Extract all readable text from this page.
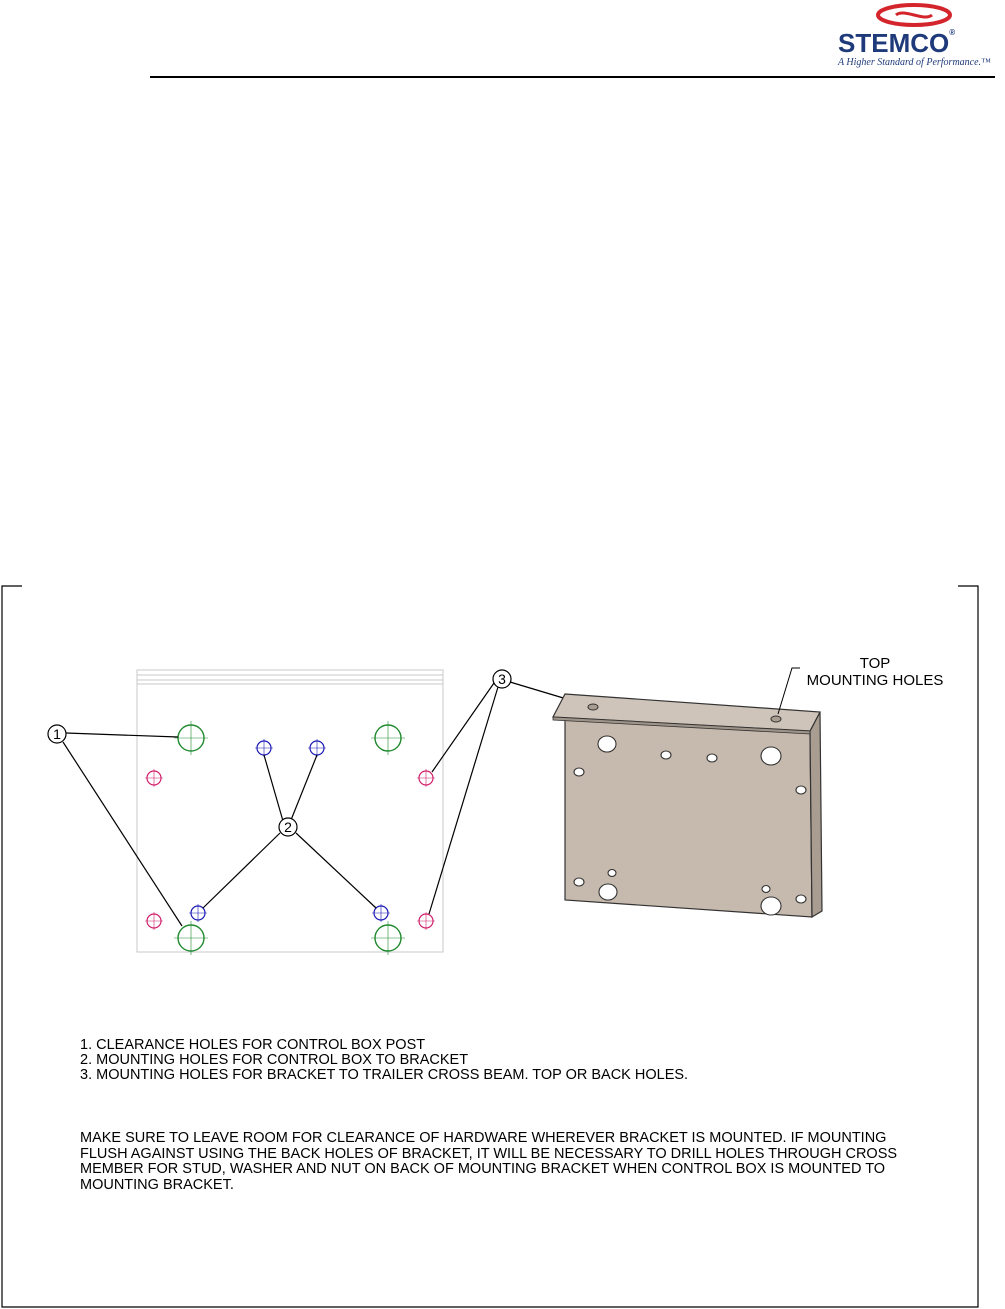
STEMCO®
A Higher Standard of Performance.™
1
2
3
TOP
MOUNTING HOLES
1. CLEARANCE HOLES FOR CONTROL BOX POST
2. MOUNTING HOLES FOR CONTROL BOX TO BRACKET
3. MOUNTING HOLES FOR BRACKET TO TRAILER CROSS BEAM. TOP OR BACK HOLES.
MAKE SURE TO LEAVE ROOM FOR CLEARANCE OF HARDWARE WHEREVER BRACKET IS MOUNTED. IF MOUNTING
FLUSH AGAINST USING THE BACK HOLES OF BRACKET, IT WILL BE NECESSARY TO DRILL HOLES THROUGH CROSS
MEMBER FOR STUD, WASHER AND NUT ON BACK OF MOUNTING BRACKET WHEN CONTROL BOX IS MOUNTED TO
MOUNTING BRACKET.
